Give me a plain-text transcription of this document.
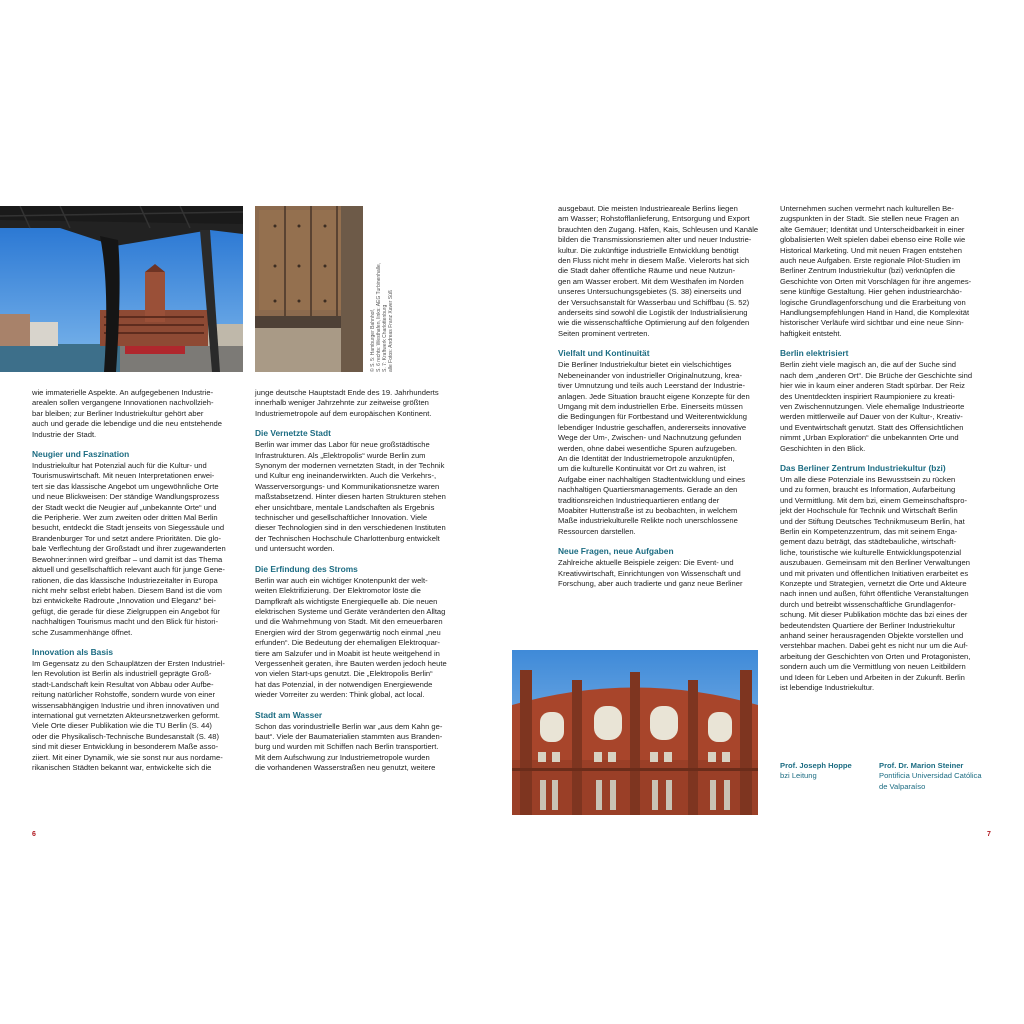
© S. 5: Hamburger Bahnhof,
S. 6 rechts: Westhafen, links: AEG Turbinenhalle,
S. 7: Kraftwerk Charlottenburg
alle Fotos: Andreas Franz Xaver Süß

wie immaterielle Aspekte. An aufgegebenen Industrie-
arealen sollen vergangene Innovationen nachvollzieh-
bar bleiben; zur Berliner Industriekultur gehört aber
auch und gerade die lebendige und die neu entstehende
Industrie der Stadt.

Neugier und Faszination

Industriekultur hat Potenzial auch für die Kultur- und
Tourismuswirtschaft. Mit neuen Interpretationen erwei-
tert sie das klassische Angebot um ungewöhnliche Orte
und neue Blickweisen: Der ständige Wandlungsprozess
der Stadt weckt die Neugier auf „unbekannte Orte“ und
die Peripherie. Wer zum zweiten oder dritten Mal Berlin
besucht, entdeckt die Stadt jenseits von Siegessäule und
Brandenburger Tor und setzt andere Prioritäten. Die glo-
bale Verflechtung der Großstadt und ihrer zugewanderten
Bewohner:innen wird greifbar – und damit ist das Thema
aktuell und gesellschaftlich relevant auch für junge Gene-
rationen, die das klassische Industriezeitalter in Europa
nicht mehr selbst erlebt haben. Diesem Band ist die vom
bzi entwickelte Radroute „Innovation und Eleganz“ bei-
gefügt, die gerade für diese Zielgruppen ein Angebot für
nachhaltigen Tourismus macht und den Blick für histori-
sche Zusammenhänge öffnet.

Innovation als Basis

Im Gegensatz zu den Schauplätzen der Ersten Industriel-
len Revolution ist Berlin als industriell geprägte Groß-
stadt-Landschaft kein Resultat von Abbau oder Aufbe-
reitung natürlicher Rohstoffe, sondern wurde von einer
wissensabhängigen Industrie und ihren innovativen und
international gut vernetzten Akteursnetzwerken geformt.
Viele Orte dieser Publikation wie die TU Berlin (S. 44)
oder die Physikalisch-Technische Bundesanstalt (S. 48)
sind mit dieser Entwicklung in besonderem Maße asso-
ziiert. Mit einer Dynamik, wie sie sonst nur aus nordame-
rikanischen Städten bekannt war, entwickelte sich die

junge deutsche Hauptstadt Ende des 19. Jahrhunderts
innerhalb weniger Jahrzehnte zur zeitweise größten
Industriemetropole auf dem europäischen Kontinent.

Die Vernetzte Stadt

Berlin war immer das Labor für neue großstädtische
Infrastrukturen. Als „Elektropolis“ wurde Berlin zum
Synonym der modernen vernetzten Stadt, in der Technik
und Kultur eng ineinanderwirkten. Auch die Verkehrs-,
Wasserversorgungs- und Kommunikationsnetze waren
maßstabsetzend. Hinter diesen harten Strukturen stehen
eher unsichtbare, mentale Landschaften als Ergebnis
technischer und gesellschaftlicher Innovation. Viele
dieser Technologien sind in den verschiedenen Instituten
der Technischen Hochschule Charlottenburg entwickelt
und untersucht worden.

Die Erfindung des Stroms

Berlin war auch ein wichtiger Knotenpunkt der welt-
weiten Elektrifizierung. Der Elektromotor löste die
Dampfkraft als wichtigste Energiequelle ab. Die neuen
elektrischen Systeme und Geräte veränderten den Alltag
und die Wahrnehmung von Stadt. Mit den erneuerbaren
Energien wird der Strom gegenwärtig noch einmal „neu
erfunden“. Die Bedeutung der ehemaligen Elektroquar-
tiere am Salzufer und in Moabit ist heute weitgehend in
Vergessenheit geraten, ihre Bauten werden jedoch heute
von vielen Start-ups genutzt. Die „Elektropolis Berlin“
hat das Potenzial, in der notwendigen Energiewende
wieder Vorreiter zu werden: Think global, act local.

Stadt am Wasser

Schon das vorindustrielle Berlin war „aus dem Kahn ge-
baut“. Viele der Baumaterialien stammten aus Branden-
burg und wurden mit Schiffen nach Berlin transportiert.
Mit dem Aufschwung zur Industriemetropole wurden
die vorhandenen Wasserstraßen neu genutzt, weitere

ausgebaut. Die meisten Industrieareale Berlins liegen
am Wasser; Rohstofflanlieferung, Entsorgung und Export
brauchten den Zugang. Häfen, Kais, Schleusen und Kanäle
bilden die Transmissionsriemen alter und neuer Industrie-
kultur. Die zukünftige industrielle Entwicklung benötigt
den Fluss nicht mehr in diesem Maße. Vielerorts hat sich
die Stadt daher öffentliche Räume und neue Nutzun-
gen am Wasser erobert. Mit dem Westhafen im Norden
unseres Untersuchungsgebietes (S. 38) einerseits und
der Versuchsanstalt für Wasserbau und Schiffbau (S. 52)
anderseits sind sowohl die Logistik der Industrialisierung
wie die wissenschaftliche Optimierung auf den folgenden
Seiten prominent vertreten.

Vielfalt und Kontinuität

Die Berliner Industriekultur bietet ein vielschichtiges
Nebeneinander von industrieller Originalnutzung, krea-
tiver Umnutzung und teils auch Leerstand der Industrie-
anlagen. Jede Situation braucht eigene Konzepte für den
Umgang mit dem industriellen Erbe. Einerseits müssen
die Bedingungen für Fortbestand und Weiterentwicklung
lebendiger Industrie geschaffen, andererseits innovative
Wege der Um-, Zwischen- und Nachnutzung gefunden
werden, ohne dabei wesentliche Spuren aufzugeben.
An die Identität der Industriemetropole anzuknüpfen,
um die kulturelle Kontinuität vor Ort zu wahren, ist
Aufgabe einer nachhaltigen Stadtentwicklung und eines
nachhaltigen Quartiersmanagements. Gerade an den
traditionsreichen Industriequartieren entlang der
Moabiter Huttenstraße ist zu beobachten, in welchem
Maße industriekulturelle Relikte noch unerschlossene
Ressourcen darstellen.

Neue Fragen, neue Aufgaben

Zahlreiche aktuelle Beispiele zeigen: Die Event- und
Kreativwirtschaft, Einrichtungen von Wissenschaft und
Forschung, aber auch tradierte und ganz neue Berliner

Unternehmen suchen vermehrt nach kulturellen Be-
zugspunkten in der Stadt. Sie stellen neue Fragen an
alte Gemäuer; Identität und Unterscheidbarkeit in einer
globalisierten Welt spielen dabei ebenso eine Rolle wie
Historical Marketing. Und mit neuen Fragen entstehen
auch neue Aufgaben. Erste regionale Pilot-Studien im
Berliner Zentrum Industriekultur (bzi) verknüpfen die
Geschichte von Orten mit Vorschlägen für ihre angemes-
sene künftige Gestaltung. Hier gehen industriearchäo-
logische Grundlagenforschung und die Erarbeitung von
Handlungsempfehlungen Hand in Hand, die Komplexität
historischer Verläufe wird sichtbar und eine neue Sinn-
haftigkeit entsteht.

Berlin elektrisiert

Berlin zieht viele magisch an, die auf der Suche sind
nach dem „anderen Ort“. Die Brüche der Geschichte sind
hier wie in kaum einer anderen Stadt spürbar. Der Reiz
des Unentdeckten inspiriert Raumpioniere zu kreati-
ven Zwischennutzungen. Viele ehemalige Industrieorte
werden mittlerweile auf Dauer von der Kultur-, Kreativ-
und Eventwirtschaft genutzt. Statt des Offensichtlichen
nimmt „Urban Exploration“ die unbekannten Orte und
Geschichten in den Blick.

Das Berliner Zentrum Industriekultur (bzi)

Um alle diese Potenziale ins Bewusstsein zu rücken
und zu formen, braucht es Information, Aufarbeitung
und Vermittlung. Mit dem bzi, einem Gemeinschaftspro-
jekt der Hochschule für Technik und Wirtschaft Berlin
und der Stiftung Deutsches Technikmuseum Berlin, hat
Berlin ein Kompetenzzentrum, das mit seinem Enga-
gement dazu beträgt, das städtebauliche, wirtschaft-
liche, touristische wie kulturelle Entwicklungspotenzial
auszubauen. Gemeinsam mit den Berliner Verwaltungen
und mit privaten und öffentlichen Initiativen erarbeitet es
Konzepte und Strategien, vernetzt die Orte und Akteure
nach innen und außen, führt öffentliche Veranstaltungen
durch und betreibt wissenschaftliche Grundlagenfor-
schung. Mit dieser Publikation möchte das bzi eines der
bedeutendsten Quartiere der Berliner Industriekultur
anhand seiner herausragenden Objekte vorstellen und
verstehbar machen. Dabei geht es nicht nur um die Auf-
arbeitung der Geschichten von Orten und Protagonisten,
sondern auch um die Vermittlung von neuen Leitbildern
und Ideen für Leben und Arbeiten in der Zukunft. Berlin
ist lebendige Industriekultur.

Prof. Joseph Hoppe
bzi Leitung
Prof. Dr. Marion Steiner
Pontificia Universidad Católica
de Valparaíso
6	7
